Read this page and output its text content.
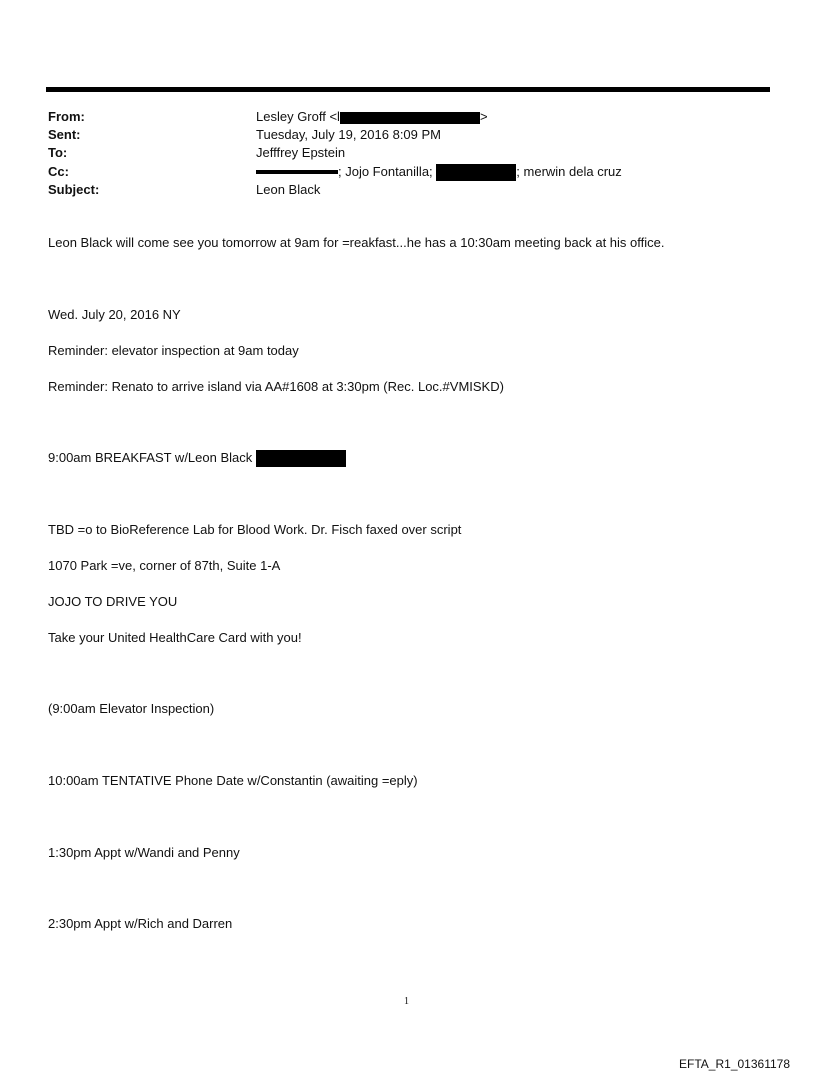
From:	Lesley Groff <l	>
Sent:	Tuesday, July 19, 2016 8:09 PM
To:	Jefffrey Epstein
Cc:	; Jojo Fontanilla;	; merwin dela cruz
Subject:	Leon Black
Leon Black will come see you tomorrow at 9am for =reakfast...he has a 10:30am meeting back at his office.
Wed. July 20, 2016 NY
Reminder: elevator inspection at 9am today
Reminder: Renato to arrive island via AA#1608 at 3:30pm (Rec. Loc.#VMISKD)
9:00am BREAKFAST w/Leon Black
TBD =o to BioReference Lab for Blood Work. Dr. Fisch faxed over script
1070 Park =ve, corner of 87th, Suite 1-A
JOJO TO DRIVE YOU
Take your United HealthCare Card with you!
(9:00am Elevator Inspection)
10:00am TENTATIVE Phone Date w/Constantin (awaiting =eply)
1:30pm Appt w/Wandi and Penny
2:30pm Appt w/Rich and Darren
1
EFTA_R1_01361178
